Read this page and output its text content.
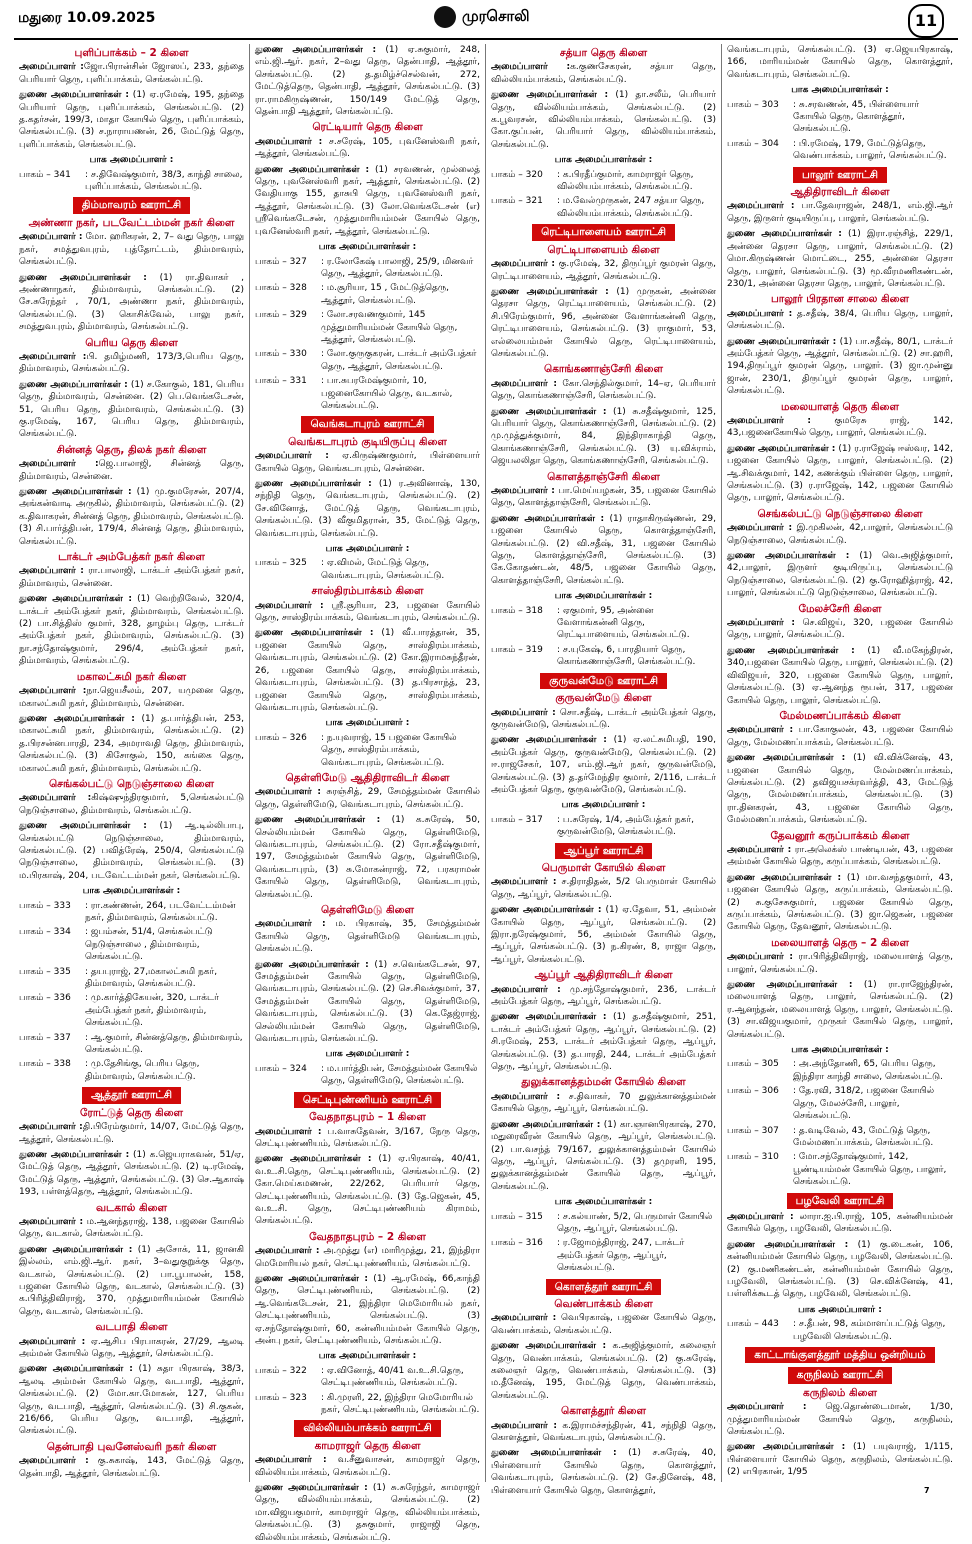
மதுரை 10.09.2025	முரசொலி	11
புளிப்பாக்கம் – 2 கிளை

அமைப்பாளர் :ஜோ.பிரான்சின் ஜோஸப், 233, தந்தை பெரியார் தெரு, புளிப்பாக்கம், செங்கல்பட்டு.

துணை அமைப்பாளர்கள் : (1) ஏ.ரமேஷ், 195, தந்தை பெரியார் தெரு, புளிப்பாக்கம், செங்கல்பட்டு. (2) த.கதர்சன், 199/3, மாதா கோயில் தெரு, புளிப்பாக்கம், செங்கல்பட்டு. (3) ச.நாராயணன், 26, மேட்டுத் தெரு, புளிப்பாக்கம், செங்கல்பட்டு.

பாக அமைப்பாளர் :
பாகம் – 341	: ச.திவேஷ்குமார், 38/3, காந்தி சாலை, புளிப்பாக்கம், செங்கல்பட்டு.
திம்மாவரம் ஊராட்சி
அண்ணா நகர், படவேட்டம்மன் நகர் கிளை

அமைப்பாளர் : மோ. ஹரிகரன், 2, 7– வது தெரு, பாலு நகர், சமத்துவபுரம், புத்தோட்டம், திம்மாவரம், செங்கல்பட்டு.

துணை அமைப்பாளர்கள் : (1) ரா.திவாகர் , அண்ணாநகர், திம்மாவரம், செங்கல்பட்டு. (2) சே.சுரேந்தர் , 70/1, அண்ணா நகர், திம்மாவரம், செங்கல்பட்டு. (3) கொசிக்வேல், பாலு நகர், சமத்துவபுரம், திம்மாவரம், செங்கல்பட்டு.

பெரிய தெரு கிளை

அமைப்பாளர் :பி. தமிழ்மணி, 173/3,பெரிய தெரு, திம்மாவரம், செங்கல்பட்டு.

துணை அமைப்பாளர்கள் : (1) ச.கோகுல், 181, பெரிய தெரு, திம்மாவரம், சென்னை. (2) பெ.வெங்கடேசன், 51, பெரிய தெரு, திம்மாவரம், செங்கல்பட்டு. (3) கு.ரமேஷ், 167, பெரிய தெரு, திம்மாவரம், செங்கல்பட்டு.

சின்னத் தெரு, திலக் நகர் கிளை

அமைப்பாளர் :ஜெ.பாலாஜி, சின்னத் தெரு, திம்மாவரம், சென்னை.

துணை அமைப்பாளர்கள் : (1) மு.குமரேசன், 207/4, அங்கன்வாடி அருகில், திம்மாவரம், செங்கல்பட்டு. (2) க.திவாகரன், சின்னத் தெரு, திம்மாவரம், செங்கல்பட்டு. (3) சி.பார்த்திபன், 179/4, சின்னத் தெரு, திம்மாவரம், செங்கல்பட்டு.

டாக்டர் அம்பேத்கர் நகர் கிளை

அமைப்பாளர் : ரா.பாலாஜி, டாக்டர் அம்பேத்கர் நகர், திம்மாவரம், சென்னை.

துணை அமைப்பாளர்கள் : (1) வெற்றிவேல், 320/4, டாக்டர் அம்பேத்கர் நகர், திம்மாவரம், செங்கல்பட்டு. (2) பா.சித்திஸ் குமார், 328, தாழம்பு தெரு, டாக்டர் அம்பேத்கர் நகர், திம்மாவரம், செங்கல்பட்டு. (3) நா.சந்தோஷ்குமார், 296/4, அம்பேத்கர் நகர், திம்மாவரம், செங்கல்பட்டு.

மகாலட்சுமி நகர் கிளை

அமைப்பாளர் :நா.ஜெயசீலம், 207, யமுனை தெரு, மகாலட்சுமி நகர், திம்மாவரம், சென்னை.

துணை அமைப்பாளர்கள் : (1) த.பார்த்திபன், 253, மகாலட்சுமி நகர், திம்மாவரம், செங்கல்பட்டு. (2) த.பிரசன்னபாரதி, 234, அமராவதி தெரு, திம்மாவரம், செங்கல்பட்டு. (3) கிசோகுல், 150, கங்கை தெரு, மகாலட்சுமி நகர், திம்மாவரம், செங்கல்பட்டு.

செங்கல்பட்டு நெடுஞ்சாலை கிளை

அமைப்பாளர் :கிஷ்ஷுந்திரகுமார், 5,செங்கல்பட்டு நெடுஞ்சாலை, திம்மாவரம், செங்கல்பட்டு.

துணை அமைப்பாளர்கள் : (1) ஆ.டில்லிபாபு, செங்கல்பட்டு நெடுஞ்சாலை, திம்மாவரம், செங்கல்பட்டு. (2) பவித்ரேஷ், 250/4, செங்கல்பட்டு நெடுஞ்சாலை, திம்மாவரம், செங்கல்பட்டு. (3) ம.பிரகாஷ், 204, படவேட்டம்மன் நகர், செங்கல்பட்டு.

பாக அமைப்பாளர்கள் :
பாகம் – 333	: ரா.கண்ணன், 264, படவேட்டம்மன் நகர், திம்மாவரம், செங்கல்பட்டு.
பாகம் – 334	: ஜபம்சன், 51/4, செங்கல்பட்டு நெடுஞ்சாலை , திம்மாவரம், செங்கல்பட்டு.
பாகம் – 335	: தயபுராஜ், 27,மகாலட்சுமி நகர், திம்மாவரம், செங்கல்பட்டு.
பாகம் – 336	: மு.கார்த்திகேயன், 320, டாக்டர் அம்பேத்கர் நகர், திம்மாவரம், செங்கல்பட்டு.
பாகம் – 337	: ஆ.குமார், சின்னத்தெரு, திம்மாவரம், செங்கல்பட்டு.
பாகம் – 338	: மு.தேசிங்கு, பெரிய தெரு, திம்மாவரம், செங்கல்பட்டு.
ஆத்தூர் ஊராட்சி
ரோட்டுத் தெரு கிளை

அமைப்பாளர் :தி.பிரேம்குமார், 14/07, மேட்டுத் தெரு, ஆத்தூர், செங்கல்பட்டு.

துணை அமைப்பாளர்கள் : (1) க.ஜெயராகவன், 51/ஏ, மேட்டுத் தெரு, ஆத்தூர், செங்கல்பட்டு. (2) டி.ரமேஷ், மேட்டுத் தெரு, ஆத்தூர், செங்கல்பட்டு. (3) செ.ஆகாஷ் 193, பள்ளத்தெரு, ஆத்தூர், செங்கல்பட்டு.

வடகால் கிளை

அமைப்பாளர் : ம.ஆனந்தராஜ், 138, பஜனை கோயில் தெரு, வடகால், செங்கல்பட்டு.

துணை அமைப்பாளர்கள் : (1) அசோக், 11, ஜானகி இல்லம், எம்.ஜி.ஆர். நகர், 3–வதுகுறுக்கு தெரு, வடகால், செங்கல்பட்டு. (2) பா.பூபாலன், 158, பஜனை கோயில் தெரு, வடகால், செங்கல்பட்டு. (3) க.பிரித்திவிராஜ், 370, முத்துமாரியம்மன் கோயில் தெரு, வடகால், செங்கல்பட்டு.

வடபாதி கிளை

அமைப்பாளர் : ஏ.ஆசிப பிரபாகரன், 27/29, ஆலடி அம்மன் கோயில் தெரு, ஆத்தூர், செங்கல்பட்டு.

துணை அமைப்பாளர்கள் : (1) சுதா பிரகாஷ், 38/3, ஆலடி அம்மன் கோயில் தெரு, வடபாதி, ஆத்தூர், செங்கல்பட்டு. (2) மோ.கா.மோகன், 127, பெரிய தெரு, வடபாதி, ஆத்தூர், செங்கல்பட்டு. (3) சி.குகன், 216/66, பெரிய தெரு, வடபாதி, ஆத்தூர், செங்கல்பட்டு.

தென்பாதி புவனேஸ்வரி நகர் கிளை

அமைப்பாளர் : கு.சுகாஷ், 143, மேட்டுத் தெரு, தென்பாதி, ஆத்தூர், செங்கல்பட்டு.

துணை அமைப்பாளர்கள் : (1) ஏ.சுகுமார், 248, எம்.ஜி.ஆர். நகர், 2–வது தெரு, தென்பாதி, ஆத்தூர், செங்கல்பட்டு. (2) த.தமிழ்ச்செல்வன், 272, மேட்டுத்தெரு, தென்பாதி, ஆத்தூர், செங்கல்பட்டு. (3) ரா.ராமகிருஷ்ணன், 150/149 மேட்டுத் தெரு, தென்பாதி ஆத்தூர், செங்கல்பட்டு.

ரெட்டியார் தெரு கிளை

அமைப்பாளர் : ச.சரேஷ், 105, புவனேஸ்வரி நகர், ஆத்தூர், செங்கல்பட்டு.

துணை அமைப்பாளர்கள் : (1) சரவணன், முல்லைத் தெரு, புவனேஸ்வரி நகர், ஆத்தூர், செங்கல்பட்டு. (2) வேதியாகு 155, தாசுபி தெரு, புவனேஸ்வரி நகர், ஆத்தூர், செங்கல்பட்டு. (3) லோ.வெங்கடேசன் (எ) ஸ்ரீவெங்கடேசன், முத்துமாரியம்மன் கோயில் தெரு, புவனேஸ்வரி நகர், ஆத்தூர், செங்கல்பட்டு.

பாக அமைப்பாளர்கள் :
பாகம் – 327	: ர.லோகேஷ் பாலாஜி, 25/9, மினவர் தெரு, ஆத்தூர், செங்கல்பட்டு.
பாகம் – 328	: ம.சூரியா, 15 , மேட்டுத்தெரு, ஆத்தூர், செங்கல்பட்டு.
பாகம் – 329	: லோ.சரவணகுமார், 145 முத்துமாரியம்மன் கோயில் தெரு, ஆத்தூர், செங்கல்பட்டு.
பாகம் – 330	: லோ.குருகுகரன், டாக்டர் அம்பேத்கர் தெரு, ஆத்தூர், செங்கல்பட்டு.
பாகம் – 331	: பா.சுபரமேஷ்குமார், 10, பஜனைகோயில் தெரு, வடகால், செங்கல்பட்டு.
வெங்கடாபுரம் ஊராட்சி
வெங்கடாபுரம் குடியிருப்பு கிளை

அமைப்பாளர் : ஏ.கிருஷ்ணகுமார், பிள்ளையார் கோயில் தெரு, வெங்கடாபுரம், சென்னை.

துணை அமைப்பாளர்கள் : (1) ர.அவினாஷ், 130, சந்நிதி தெரு, வெங்கடாபுரம், செங்கல்பட்டு. (2) சே.வினோத், மேட்டுத் தெரு, வெங்கடாபுரம், செங்கல்பட்டு. (3) வீகுமிதரான், 35, மேட்டுத் தெரு, வெங்கடாபுரம், செங்கல்பட்டு.

பாக அமைப்பாளர் :
பாகம் – 325	: ஏ.விமல், மேட்டுத் தெரு, வெங்கடாபுரம், செங்கல்பட்டு.
சாஸ்திரம்பாக்கம் கிளை

அமைப்பாளர் : ஸ்ரீ.சூரியா, 23, பஜனை கோயில் தெரு, சாஸ்திரம்பாக்கம், வெங்கடாபுரம், செங்கல்பட்டு.

துணை அமைப்பாளர்கள் : (1) வீ.பாரத்தான், 35, பஜனை கோயில் தெரு, சாஸ்திரம்பாக்கம், வெங்கடாபுரம், செங்கல்பட்டு. (2) கோ.இராமசுந்தீரன், 26, பஜனை கோயில் தெரு, சாஸ்திரம்பாக்கம், வெங்கடாபுரம், செங்கல்பட்டு. (3) த.பிரசாந்த், 23, பஜனை கோயில் தெரு, சாஸ்திரம்பாக்கம், வெங்கடாபுரம், செங்கல்பட்டு.

பாக அமைப்பாளர் :
பாகம் – 326	: ந.யுவராஜ், 15 பஜனை கோயில் தெரு, சாஸ்திரம்பாக்கம், வெங்கடாபுரம், செங்கல்பட்டு.
தெள்ளிமேடு ஆதிதிராவிடர் கிளை

அமைப்பாளர் : சுரஞ்சித், 29, சேமத்தம்மன் கோயில் தெரு, தெள்ளிமேடு, வெங்கடாபுரம், செங்கல்பட்டு.

துணை அமைப்பாளர்கள் : (1) க.சுரேஷ், 50, செல்லியம்மன் கோயில் தெரு, தெள்ளிமேடு, வெங்கடாபுரம், செங்கல்பட்டு. (2) ரோ.சதீஷ்குமார், 197, சேமத்தம்மன் கோயில் தெரு, தெள்ளிமேடு, வெங்கடாபுரம், (3) சு.மோகன்ராஜ், 72, பரகராமன் கோயில் தெரு, தெள்ளிமேடு, வெங்கடாபுரம், செங்கல்பட்டு.

தெள்ளிமேடு கிளை

அமைப்பாளர் : ம. பிரகாஷ், 35, சேமத்தம்மன் கோயில் தெரு, தெள்ளிமேடு வெங்கடாபுரம், செங்கல்பட்டு.

துணை அமைப்பாளர்கள் : (1) ச.வெங்கடேசன், 97, சேமத்தம்மன் கோயில் தெரு, தெள்ளிமேடு, வெங்கடாபுரம், செங்கல்பட்டு. (2) செ.சிவக்குமார், 37, சேமத்தம்மன் கோயில் தெரு, தெள்ளிமேடு, வெங்கடாபுரம், செங்கல்பட்டு. (3) கெ.தேஜ்ராஜ், செல்லியம்மன் கோயில் தெரு, தெள்ளிமேடு, வெங்கடாபுரம், செங்கல்பட்டு.

பாக அமைப்பாளர் :
பாகம் – 324	: ம.பார்த்திபன், சேமத்தம்மன் கோயில் தெரு, தெள்ளிமேடு, செங்கல்பட்டு.
செட்டிபுண்ணியம் ஊராட்சி
வேதநாதபுரம் – 1 கிளை

அமைப்பாளர் : ப.வாசுதேவன், 3/167, நேரு தெரு, செட்டிபுண்ணியம், செங்கல்பட்டு.

துணை அமைப்பாளர்கள் : (1) ஏ.பிரகாஷ், 40/41, வ.உ.சி.தெரு, செட்டிபுண்ணியம், செங்கல்பட்டு. (2) கோ.மெய்கமணன், 22/262, பெரியார் தெரு, செட்டிபுண்ணியம், செங்கல்பட்டு. (3) தே.ஜெகன், 45, வ.உ.சி. தெரு, செட்டிபுண்ணியம் கிராமம், செங்கல்பட்டு.

வேதநாதபுரம் – 2 கிளை

அமைப்பாளர் : அ.முத்து (எ) மாரிமுத்து, 21, இந்திரா மெமோரியல் நகர், செட்டிபுண்ணியம், செங்கல்பட்டு.

துணை அமைப்பாளர்கள் : (1) ஆ.ரமேஷ், 66,காந்தி தெரு, செட்டிபுண்ணியம், செங்கல்பட்டு. (2) ஆ.வெங்கடேசன், 21, இந்திரா மெமோரியல் நகர், செட்டிபுண்ணியம், செங்கல்பட்டு. (3) ஏ.சந்தோஷ்குமார், 60, கன்னியம்மன் கோயில் தெரு, அன்பு நகர், செட்டிபுண்ணியம், செங்கல்பட்டு.

பாக அமைப்பாளர்கள் :
பாகம் – 322	: ஏ.வினோத், 40/41 வ.உ.சி.தெரு, செட்டிபுண்ணியம், செங்கல்பட்டு.
பாகம் – 323	: கி.முரளி, 22, இந்திரா மெமோரியல் நகர், செட்டிபுண்ணியம், செங்கல்பட்டு.
வில்லியம்பாக்கம் ஊராட்சி
காமராஜர் தெரு கிளை

அமைப்பாளர் : வ.சீனுவாசன், காமராஜர் தெரு, வில்லியம்பாக்கம், செங்கல்பட்டு.

துணை அமைப்பாளர்கள் : (1) சு.சுரேந்தர், காமராஜர் தெரு, வில்லியம்பாக்கம், செங்கல்பட்டு. (2) மா.விஜயகுமார், காமராஜர் தெரு, வில்லியம்பாக்கம், செங்கல்பட்டு. (3) தசுகுமார், ராஜாஜி தெரு, வில்லியம்பாக்கம், செங்கல்பட்டு.

சத்யா தெரு கிளை

அமைப்பாளர் :க.குணசேகரன், சத்யா தெரு, வில்லியம்பாக்கம், செங்கல்பட்டு.

துணை அமைப்பாளர்கள் : (1) தா.சலீம், பெரியார் தெரு, வில்லியம்பாக்கம், செங்கல்பட்டு. (2) க.பூவரசன், வில்லியம்பாக்கம், செங்கல்பட்டு. (3) கோ.குப்பன், பெரியார் தெரு, வில்லியம்பாக்கம், செங்கல்பட்டு.

பாக அமைப்பாளர்கள் :
பாகம் – 320	: க.பிரதீப்குமார், காமராஜர் தெரு, வில்லியம்பாக்கம், செங்கல்பட்டு.
பாகம் – 321	: ம.வேல்முருகன், 247 சத்யா தெரு, வில்லியம்பாக்கம், செங்கல்பட்டு.
ரெட்டிபாளையம் ஊராட்சி
ரெட்டிபாளையம் கிளை

அமைப்பாளர் : கு.ரமேஷ், 32, திருப்பூர் குமரன் தெரு, ரெட்டிபாளையம், ஆத்தூர், செங்கல்பட்டு.

துணை அமைப்பாளர்கள் : (1) முருகன், அன்னை தெரசா தெரு, ரெட்டிபாளையம், செங்கல்பட்டு. (2) சி.பிரேம்குமார், 96, அன்னை வேளாங்கன்னி தெரு, ரெட்டிபாளையம், செங்கல்பட்டு. (3) ராகுமார், 53, எல்லையம்மன் கோயில் தெரு, ரெட்டிபாளையம், செங்கல்பட்டு.

கொங்கணாஞ்சேரி கிளை

அமைப்பாளர் : கோ.செந்தில்குமார், 14–ஏ, பெரியார் தெரு, கொங்கணாஞ்சேரி, செங்கல்பட்டு.

துணை அமைப்பாளர்கள் : (1) சு.சதீஷ்குமார், 125, பெரியார் தெரு, கொங்கணாஞ்சேரி, செங்கல்பட்டு. (2) மு.முத்துக்குமார், 84, இந்திராகாந்தி தெரு, கொங்கணாஞ்சேரி, செங்கல்பட்டு. (3) யு.விக்ராம், ஜெயலலிதா தெரு, கொங்கணாஞ்சேரி, செங்கல்பட்டு.

கொளத்தாஞ்சேரி கிளை

அமைப்பாளர் : பா.மெய்யழகன், 35, பஜனை கோயில் தெரு, கொளத்தாஞ்சேரி, செங்கல்பட்டு.

துணை அமைப்பாளர்கள் : (1) ராதாகிருஷ்ணன், 29, பஜனை கோயில் தெரு, கொளத்தாஞ்சேரி, செங்கல்பட்டு. (2) வி.சதீஷ், 31, பஜனை கோயில் தெரு, கொளத்தாஞ்சேரி, செங்கல்பட்டு. (3) கே.கோதண்டன், 48/5, பஜனை கோயில் தெரு, கொளத்தாஞ்சேரி, செங்கல்பட்டு.

பாக அமைப்பாளர்கள் :
பாகம் – 318	: ஏகுமார், 95, அன்னை வேளாங்கன்னி தெரு, ரெட்டிபாளையம், செங்கல்பட்டு.
பாகம் – 319	: ச.யுகேஷ், 6, பாரதியார் தெரு, கொங்கணாஞ்சேரி, செங்கல்பட்டு.
குருவன்மேடு ஊராட்சி
குருவன்மேடு கிளை

அமைப்பாளர் : சொ.சதீஷ், டாக்டர் அம்பேத்கர் தெரு, குருவன்மேடு, செங்கல்பட்டு.

துணை அமைப்பாளர்கள் : (1) ஏ.லட்சுமிபதி, 190, அம்பேத்கர் தெரு, குருவன்மேடு, செங்கல்பட்டு. (2) ஈ.ராஜசேகர், 107, எம்.ஜி.ஆர் நகர், குருவன்மேடு, செங்கல்பட்டு. (3) த.தர்மேந்திர குமார், 2/116, டாக்டர் அம்பேத்கர் தெரு, குருவன்மேடு, செங்கல்பட்டு.

பாக அமைப்பாளர் :
பாகம் – 317	: ப.சுரேஷ், 1/4, அம்பேத்கர் நகர், குருவன்மேடு, செங்கல்பட்டு.
ஆப்பூர் ஊராட்சி
பெருமாள் கோயில் கிளை

அமைப்பாளர் : ச.திராதிதன், 5/2 பெருமாள் கோயில் தெரு, ஆப்பூர், செங்கல்பட்டு.

துணை அமைப்பாளர்கள் : (1) ஏ.தேவா, 51, அம்மன் கோயில் தெரு, ஆப்பூர், செங்கல்பட்டு. (2) இரா.நரேஷ்குமார், 56, அம்மன் கோயில் தெரு, ஆப்பூர், செங்கல்பட்டு. (3) ந.கிரண், 8, ராஜா தெரு, ஆப்பூர், செங்கல்பட்டு.

ஆப்பூர் ஆதிதிராவிடர் கிளை

அமைப்பாளர் : மு.சந்தோஷ்குமார், 236, டாக்டர் அம்பேத்கர் தெரு, ஆப்பூர், செங்கல்பட்டு.

துணை அமைப்பாளர்கள் : (1) த.சதீஷ்குமார், 251, டாக்டர் அம்பேத்கர் தெரு, ஆப்பூர், செங்கல்பட்டு. (2) சி.ரமேஷ், 253, டாக்டர் அம்பேத்கர் தெரு, ஆப்பூர், செங்கல்பட்டு. (3) த.பாரதி, 244, டாக்டர் அம்பேத்கர் தெரு, ஆப்பூர், செங்கல்பட்டு.

துலுக்கானத்தம்மன் கோயில் கிளை

அமைப்பாளர் : ச.திவாகர், 70 துலுக்கானத்தம்மன் கோயில் தெரு, ஆப்பூர், செங்கல்பட்டு.

துணை அமைப்பாளர்கள் : (1) கா.ஞானபிரகாஷ், 270, மதுரைவீரன் கோயில் தெரு, ஆப்பூர், செங்கல்பட்டு. (2) பா.வசந்த் 79/167, துலுக்கானத்தம்மன் கோயில் தெரு, ஆப்பூர், செங்கல்பட்டு. (3) தமுரளி, 195, துலுக்கானத்தம்மன் கோயில் தெரு, ஆப்பூர், செங்கல்பட்டு.

பாக அமைப்பாளர்கள் :
பாகம் – 315	: ச.கல்யாண், 5/2, பெருமாள் கோயில் தெரு, ஆப்பூர், செங்கல்பட்டு.
பாகம் – 316	: ர.ஜோமந்திராஜ், 247, டாக்டர் அம்பேத்கர் தெரு, ஆப்பூர், செங்கல்பட்டு.
கொளத்தூர் ஊராட்சி
வெண்பாக்கம் கிளை

அமைப்பாளர் : வெபிரகாஷ், பஜனை கோயில் தெரு, வெண்பாக்கம், செங்கல்பட்டு.

துணை அமைப்பாளர்கள் : க.அஜித்குமார், கலைஞர் தெரு, வெண்பாக்கம், செங்கல்பட்டு. (2) கு.சுரேஷ், கலைஞர் தெரு, வெண்பாக்கம், செங்கல்பட்டு. (3) ம.தீனேஷ், 195, மேட்டுத் தெரு, வெண்பாக்கம், செங்கல்பட்டு.

கொளத்தூர் கிளை

அமைப்பாளர் : க.இராமச்சந்திரன், 41, சந்நிதி தெரு, கொளத்தூர், வெங்கடாபுரம், செங்கல்பட்டு.

துணை அமைப்பாளர்கள் : (1) ச.சுரேஷ், 40, பிள்ளையார் கோயில் தெரு, கொளத்தூர், வெங்கடாபுரம், செங்கல்பட்டு. (2) சே.தினேஷ், 48, பிள்ளையார் கோயில் தெரு, கொளத்தூர்,

வெங்கடாபுரம், செங்கல்பட்டு. (3) ஏ.ஜெயபிரகாஷ், 166, மாரியம்மன் கோயில் தெரு, கொளத்தூர், வெங்கடாபுரம், செங்கல்பட்டு.

பாக அமைப்பாளர்கள் :
பாகம் – 303	: சு.சரவணன், 45, பிள்ளையார் கோயில் தெரு, கொளத்தூர், செங்கல்பட்டு.
பாகம் – 304	: பி.ரமேஷ், 179, மேட்டுத்தெரு, வெண்பாக்கம், பாலூர், செங்கல்பட்டு.
பாலூர் ஊராட்சி
ஆதிதிராவிடர் கிளை

அமைப்பாளர் : பா.தேவராஜன், 248/1, எம்.ஜி.ஆர் தெரு, இருளர் குடியிருப்பு, பாலூர், செங்கல்பட்டு.

துணை அமைப்பாளர்கள் : (1) இரா.ரஞ்சித், 229/1, அன்னை தெரசா தெரு, பாலூர், செங்கல்பட்டு. (2) மொ.கிருஷ்ணன் மொட்டை, 255, அன்னை தெரசா தெரு, பாலூர், செங்கல்பட்டு. (3) மூ.வீரமணிகண்டன், 230/1, அன்னை தெரசா தெரு, பாலூர், செங்கல்பட்டு.

பாலூர் பிரதான சாலை கிளை

அமைப்பாளர் : த.சதீஷ், 38/4, பெரிய தெரு, பாலூர், செங்கல்பட்டு.

துணை அமைப்பாளர்கள் : (1) பா.சதீஷ், 80/1, டாக்டர் அம்பேத்கர் தெரு, ஆத்தூர், செங்கல்பட்டு. (2) சா.ஹரி, 194,திருப்பூர் குமரன் தெரு, பாலூர். (3) ஜா.முன்னு ஜான், 230/1, திருப்பூர் குமரன் தெரு, பாலூர், செங்கல்பட்டு.

மலையாளத் தெரு கிளை

அமைப்பாளர் : குமரேசு ராஜ், 142, 43,பஜனைகோயில் தெரு, பாலூர், செங்கல்பட்டு.

துணை அமைப்பாளர்கள் : (1) ர.ராஜேஷ் ஈஸ்வர, 142, பஜனை கோயில் தெரு, பாலூர், செங்கல்பட்டு. (2) ஆ.சிவக்குமார், 142, கணக்கும் பிள்ளை தெரு, பாலூர், செங்கல்பட்டு. (3) ர.ராஜேஷ், 142, பஜனை கோயில் தெரு, பாலூர், செங்கல்பட்டு.

செங்கல்பட்டு நெடுஞ்சாலை கிளை

அமைப்பாளர் : இ.முகிலன், 42,பாலூர், செங்கல்பட்டு நெடுஞ்சாலை, செங்கல்பட்டு.

துணை அமைப்பாளர்கள் : (1) வெ.அஜித்குமார், 42,பாலூர், இருளர் குடியிருப்பு, செங்கல்பட்டு நெடுஞ்சாலை, செங்கல்பட்டு. (2) கு.ரோஹித்ராஜ், 42, பாலூர், செங்கல்பட்டு நெடுஞ்சாலை, செங்கல்பட்டு.

மேலச்சேரி கிளை

அமைப்பாளர் : செ.விஜய், 320, பஜனை கோயில் தெரு, பாலூர், செங்கல்பட்டு.

துணை அமைப்பாளர்கள் : (1) வீ.மகேந்திரன், 340,பஜனை கோயில் தெரு, பாலூர், செங்கல்பட்டு. (2) விவிஜயர், 320, பஜனை கோயில் தெரு, பாலூர், செங்கல்பட்டு. (3) ஏ.ஆனந்த ரூபன், 317, பஜனை கோயில் தெரு, பாலூர், செங்கல்பட்டு.

மேல்மணப்பாக்கம் கிளை

அமைப்பாளர் : பா.கோகுலன், 43, பஜனை கோயில் தெரு, மேல்மணப்பாக்கம், செங்கல்பட்டு.

துணை அமைப்பாளர்கள் : (1) வி.விக்னேஷ், 43, பஜனை கோயில் தெரு, மேல்மணப்பாக்கம், செங்கல்பட்டு. (2) தவிஜயசக்ரவர்த்தி, 43, மேட்டுத் தெரு, மேல்மணப்பாக்கம், செங்கல்பட்டு. (3) ரா.தினகரன், 43, பஜனை கோயில் தெரு, மேல்மணப்பாக்கம், செங்கல்பட்டு.

தேவனூர் கருப்பாக்கம் கிளை

அமைப்பாளர் : ரா.அலெக்ஸ் பாண்டியன், 43, பஜனை அம்மன் கோயில் தெரு, கருப்பாக்கம், செங்கல்பட்டு.

துணை அமைப்பாளர்கள் : (1) மா.வசந்தகுமார், 43, பஜனை கோயில் தெரு, கருப்பாக்கம், செங்கல்பட்டு. (2) சு.குசேசுகுமார், பஜனை கோயில் தெரு, கருப்பாக்கம், செங்கல்பட்டு. (3) ஜா.ஜெகன், பஜனை கோயில் தெரு, தேவனூர், செங்கல்பட்டு.

மலையாளத் தெரு – 2 கிளை

அமைப்பாளர் : ரா.பிரித்திவிராஜ், மலையாளத் தெரு, பாலூர், செங்கல்பட்டு.

துணை அமைப்பாளர்கள் : (1) ரா.ராஜேந்திரன், மலையாளத் தெரு, பாலூர், செங்கல்பட்டு. (2) ர.ஆனந்தன், மலையாளத் தெரு, பாலூர், செங்கல்பட்டு. (3) சா.விஜயகுமார், முருகர் கோயில் தெரு, பாலூர், செங்கல்பட்டு.

பாக அமைப்பாளர்கள் :
பாகம் – 305	: அ.அந்தோணி, 65, பெரிய தெரு, இந்திரா காந்தி சாலை, செங்கல்பட்டு.
பாகம் – 306	: தே.ரவி, 318/2, பஜனை கோயில் தெரு, மேலச்சேரி, பாலூர், செங்கல்பட்டு.
பாகம் – 307	: த.வடிவேல், 43, மேட்டுத் தெரு, மேல்மணப்பாக்கம், செங்கல்பட்டு.
பாகம் – 310	: மோ.சந்தோஷ்குமார், 142, பூண்டியம்மன் கோயில் தெரு, பாலூர், செங்கல்பட்டு.
பழவேலி ஊராட்சி

அமைப்பாளர் : லாரா.ஐ.பி.ராஜ், 105, கன்னியம்மன் கோயில் தெரு, பழவேலி, செங்கல்பட்டு.

துணை அமைப்பாளர்கள் : (1) கு.டைகன், 106, கன்னியம்மன் கோயில் தெரு, பழவேலி, செங்கல்பட்டு. (2) கு.மணிகண்டன், கன்னியம்மன் கோயில் தெரு, பழவேலி, செங்கல்பட்டு. (3) செ.விக்னேஷ், 41, பள்ளிக்கூடத் தெரு, பழவேலி, செங்கல்பட்டு.

பாக அமைப்பாளர் :
பாகம் – 443	: ச.தீபன், 98, கம்மாளப்பட்டுத் தெரு, பழவேலி செங்கல்பட்டு.
காட்டாங்குளத்தூர் மத்திய ஒன்றியம்
கருநிலம் ஊராட்சி
கருநிலம் கிளை

அமைப்பாளர் : ஜெ.தொண்டைமான், 1/30, முத்துமாரியம்மன் கோயில் தெரு, கருநிலம், செங்கல்பட்டு.

துணை அமைப்பாளர்கள் : (1) பயுவராஜ், 1/115, பிள்ளையார் கோயில் தெரு, கருநிலம், செங்கல்பட்டு. (2) எபிரகான், 1/95

7
